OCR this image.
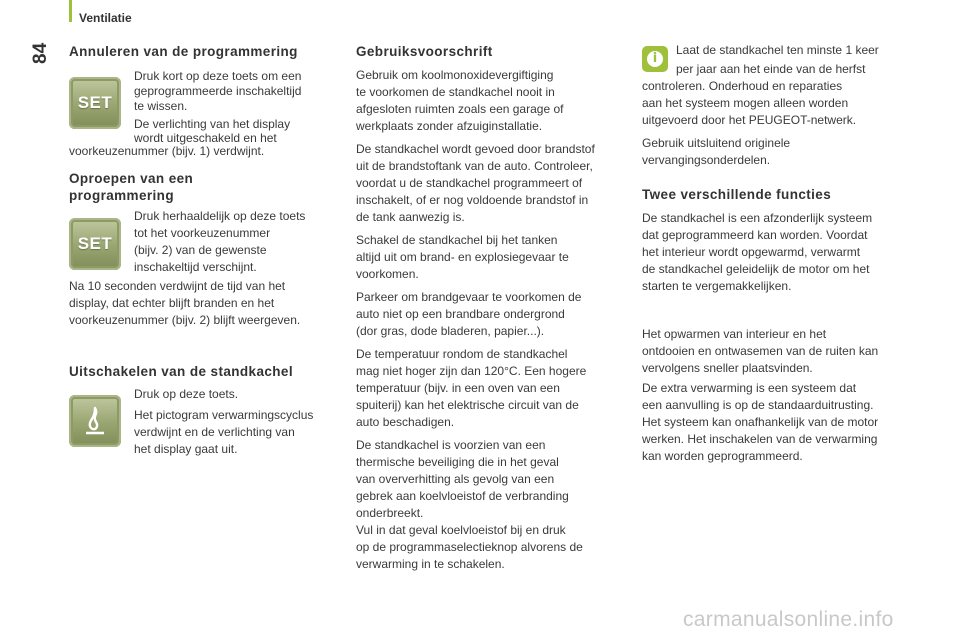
Ventilatie
84 Annuleren van de programmering
SET

Druk kort op deze toets om een

geprogrammeerde inschakeltijd

te wissen.

De verlichting van het display

wordt uitgeschakeld en het

voorkeuzenummer (bijv. 1) verdwijnt.

Oproepen van een
programmering
SET

Druk herhaaldelijk op deze toets

tot het voorkeuzenummer

(bijv. 2) van de gewenste

inschakeltijd verschijnt.

Na 10 seconden verdwijnt de tijd van het

display, dat echter blijft branden en het

voorkeuzenummer (bijv. 2) blijft weergeven.

Uitschakelen van de standkachel

Druk op deze toets.

Het pictogram verwarmingscyclus

verdwijnt en de verlichting van

het display gaat uit.

Gebruiksvoorschrift

Gebruik om koolmonoxidevergiftiging

te voorkomen de standkachel nooit in

afgesloten ruimten zoals een garage of

werkplaats zonder afzuiginstallatie.

De standkachel wordt gevoed door brandstof

uit de brandstoftank van de auto. Controleer,

voordat u de standkachel programmeert of

inschakelt, of er nog voldoende brandstof in

de tank aanwezig is.

Schakel de standkachel bij het tanken

altijd uit om brand- en explosiegevaar te

voorkomen.

Parkeer om brandgevaar te voorkomen de

auto niet op een brandbare ondergrond

(dor gras, dode bladeren, papier...).

De temperatuur rondom de standkachel

mag niet hoger zijn dan 120°C. Een hogere

temperatuur (bijv. in een oven van een

spuiterij) kan het elektrische circuit van de

auto beschadigen.

De standkachel is voorzien van een

thermische beveiliging die in het geval

van oververhitting als gevolg van een

gebrek aan koelvloeistof de verbranding

onderbreekt.

Vul in dat geval koelvloeistof bij en druk

op de programmaselectieknop alvorens de

verwarming in te schakelen.

i

Laat de standkachel ten minste 1 keer

per jaar aan het einde van de herfst

controleren. Onderhoud en reparaties

aan het systeem mogen alleen worden

uitgevoerd door het PEUGEOT-netwerk.

Gebruik uitsluitend originele

vervangingsonderdelen.

Twee verschillende functies

De standkachel is een afzonderlijk systeem

dat geprogrammeerd kan worden. Voordat

het interieur wordt opgewarmd, verwarmt

de standkachel geleidelijk de motor om het

starten te vergemakkelijken.

Het opwarmen van interieur en het

ontdooien en ontwasemen van de ruiten kan

vervolgens sneller plaatsvinden.

De extra verwarming is een systeem dat

een aanvulling is op de standaarduitrusting.

Het systeem kan onafhankelijk van de motor

werken. Het inschakelen van de verwarming

kan worden geprogrammeerd.

carmanualsonline.info
